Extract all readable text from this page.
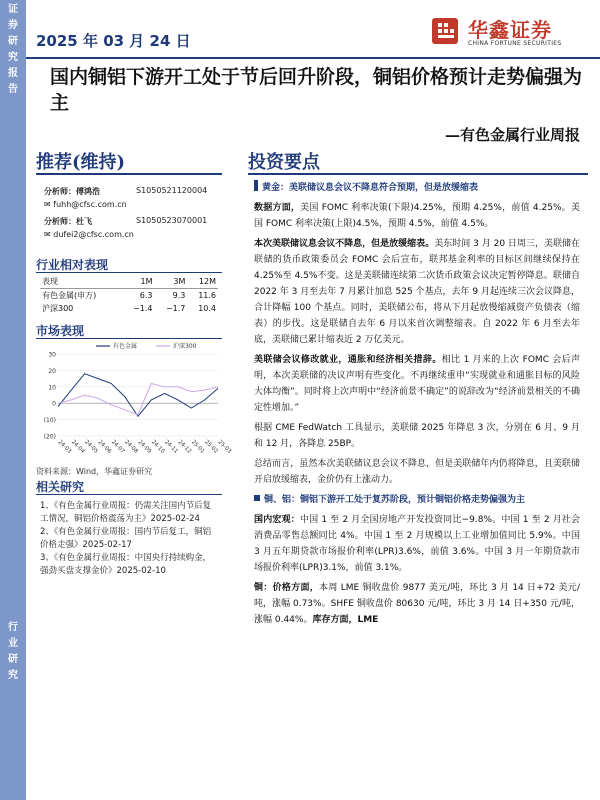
证
券
研
究
报
告
行
业
研
究
2025 年 03 月 24 日	华鑫证券
CHINA FORTUNE SECURITIES
国内铜铝下游开工处于节后回升阶段，铜铝价格预计走势偏强为主
—有色金属行业周报
推荐(维持)
分析师：傅鸿浩	S1050521120004
✉ fuhh@cfsc.com.cn
分析师：杜飞	S1050523070001
✉ dufei2@cfsc.com.cn
行业相对表现
表现	1M	3M	12M
有色金属(申万)	6.3	9.3	11.6
沪深300	−1.4	−1.7	10.4
市场表现
(20)
(10)
0
10
20
30
24-03
24-04
24-05
24-06
24-07
24-08
24-09
24-10
24-11
24-12
25-01
25-02
25-03
有色金属	沪深300
资料来源：Wind，华鑫证券研究
相关研究
1、《有色金属行业周报：仍需关注国内节后复工情况，铜铝价格震荡为主》2025-02-24
2、《有色金属行业周报：国内节后复工，铜铝价格走强》2025-02-17
3、《有色金属行业周报：中国央行持续购金，强劲买盘支撑金价》2025-02-10
投资要点

黄金：美联储议息会议不降息符合预期，但是放缓缩表

数据方面，美国 FOMC 利率决策(下限)4.25%，预期 4.25%，前值 4.25%。美国 FOMC 利率决策(上限)4.5%，预期 4.5%，前值 4.5%。

本次美联储议息会议不降息，但是放缓缩表。美东时间 3 月 20 日周三，美联储在联储的货币政策委员会 FOMC 会后宣布，联邦基金利率的目标区间继续保持在 4.25%至 4.5%不变。这是美联储连续第二次货币政策会议决定暂停降息。联储自 2022 年 3 月至去年 7 月累计加息 525 个基点，去年 9 月起连续三次会议降息，合计降幅 100 个基点。同时，美联储公布，将从下月起放慢缩减资产负债表（缩表）的步伐。这是联储自去年 6 月以来首次调整缩表。自 2022 年 6 月至去年底，美联储已累计缩表近 2 万亿美元。

美联储会议修改就业，通胀和经济相关措辞。相比 1 月来的上次 FOMC 会后声明，本次美联储的决议声明有些变化。不再继续重申“实现就业和通胀目标的风险大体均衡”。同时将上次声明中“经济前景不确定”的说辞改为“经济前景相关的不确定性增加。”

根据 CME FedWatch 工具显示，美联储 2025 年降息 3 次，分别在 6 月、9 月和 12 月，各降息 25BP。

总结而言，虽然本次美联储议息会议不降息，但是美联储年内仍将降息，且美联储开启放缓缩表，金价仍有上涨动力。

铜、铝：铜铝下游开工处于复苏阶段，预计铜铝价格走势偏强为主

国内宏观：中国 1 至 2 月全国房地产开发投资同比−9.8%。中国 1 至 2 月社会消费品零售总额同比 4%。中国 1 至 2 月规模以上工业增加值同比 5.9%。中国 3 月五年期贷款市场报价利率(LPR)3.6%，前值 3.6%。中国 3 月一年期贷款市场报价利率(LPR)3.1%，前值 3.1%。

铜：价格方面，本周 LME 铜收盘价 9877 美元/吨，环比 3 月 14 日+72 美元/吨，涨幅 0.73%。SHFE 铜收盘价 80630 元/吨，环比 3 月 14 日+350 元/吨，涨幅 0.44%。库存方面，LME
